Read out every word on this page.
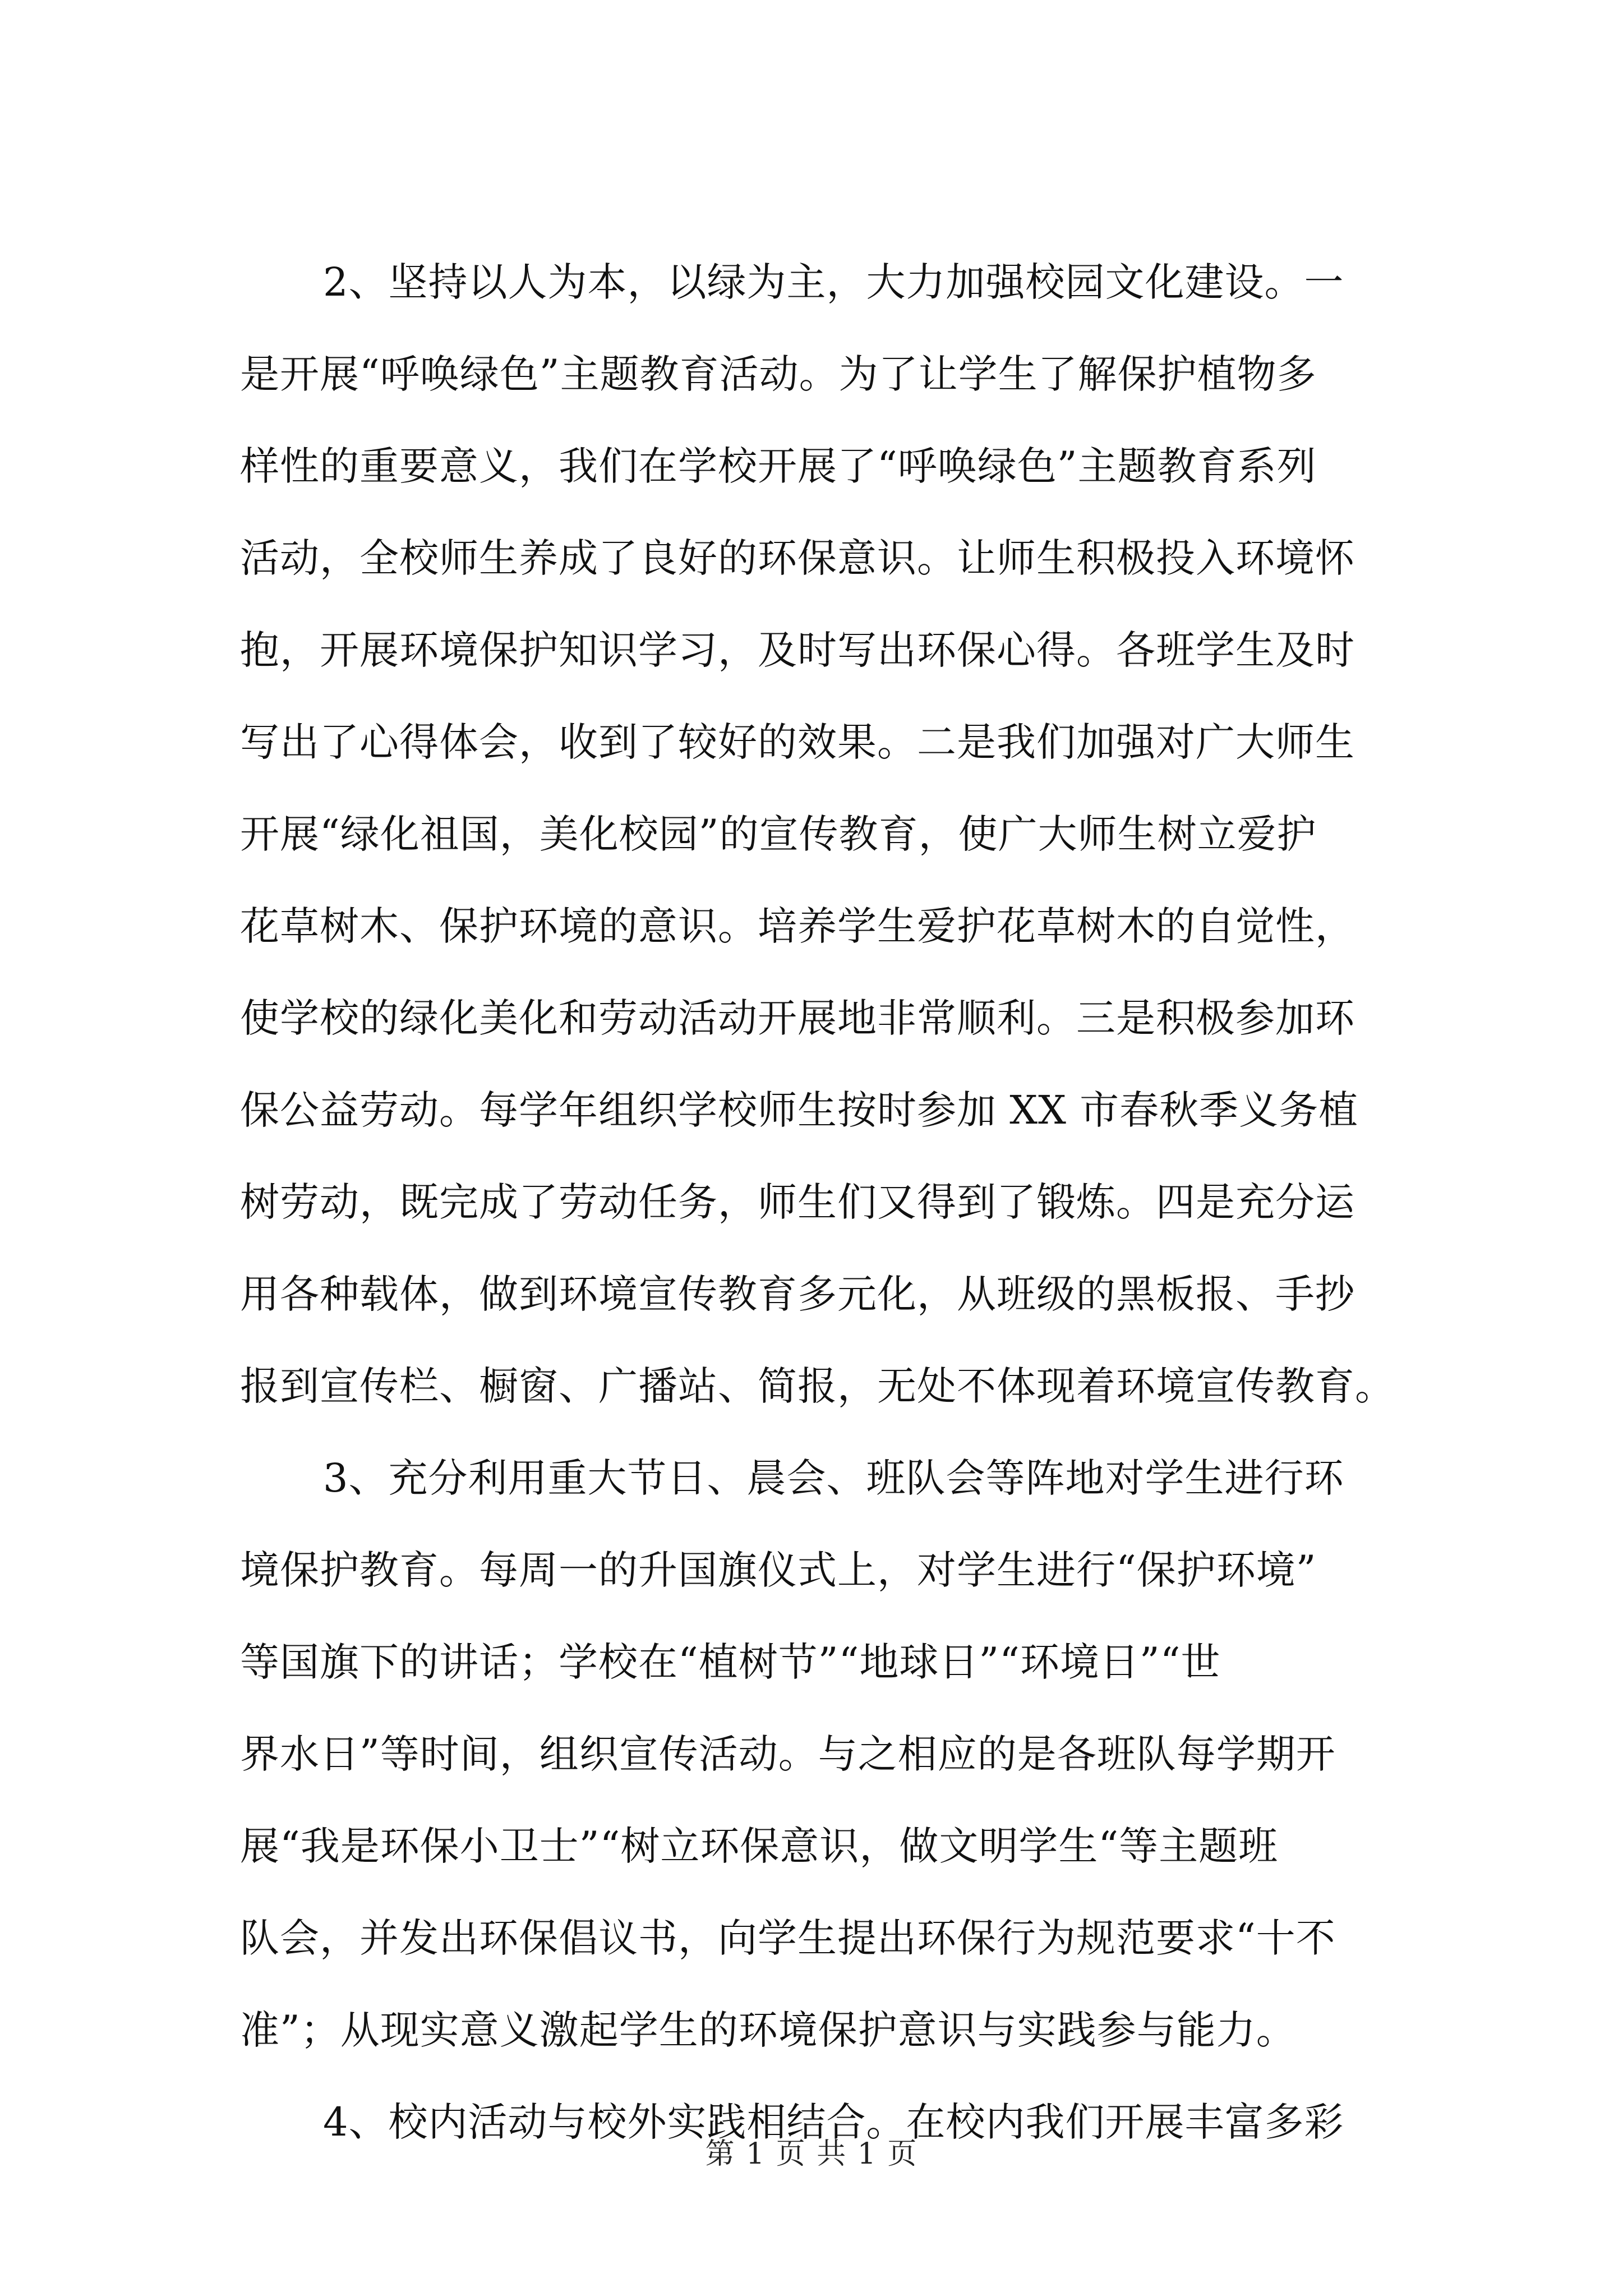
2、坚持以人为本，以绿为主，大力加强校园文化建设。一
是开展“呼唤绿色”主题教育活动。为了让学生了解保护植物多
样性的重要意义，我们在学校开展了“呼唤绿色”主题教育系列
活动，全校师生养成了良好的环保意识。让师生积极投入环境怀
抱，开展环境保护知识学习，及时写出环保心得。各班学生及时
写出了心得体会，收到了较好的效果。二是我们加强对广大师生
开展“绿化祖国，美化校园”的宣传教育，使广大师生树立爱护
花草树木、保护环境的意识。培养学生爱护花草树木的自觉性，
使学校的绿化美化和劳动活动开展地非常顺利。三是积极参加环
保公益劳动。每学年组织学校师生按时参加 XX 市春秋季义务植
树劳动，既完成了劳动任务，师生们又得到了锻炼。四是充分运
用各种载体，做到环境宣传教育多元化，从班级的黑板报、手抄
报到宣传栏、橱窗、广播站、简报，无处不体现着环境宣传教育。
3、充分利用重大节日、晨会、班队会等阵地对学生进行环
境保护教育。每周一的升国旗仪式上，对学生进行“保护环境”
等国旗下的讲话；学校在“植树节”“地球日”“环境日”“世
界水日”等时间，组织宣传活动。与之相应的是各班队每学期开
展“我是环保小卫士”“树立环保意识，做文明学生“等主题班
队会，并发出环保倡议书，向学生提出环保行为规范要求“十不
准”；从现实意义激起学生的环境保护意识与实践参与能力。
4、校内活动与校外实践相结合。在校内我们开展丰富多彩
第 1 页 共 1 页
